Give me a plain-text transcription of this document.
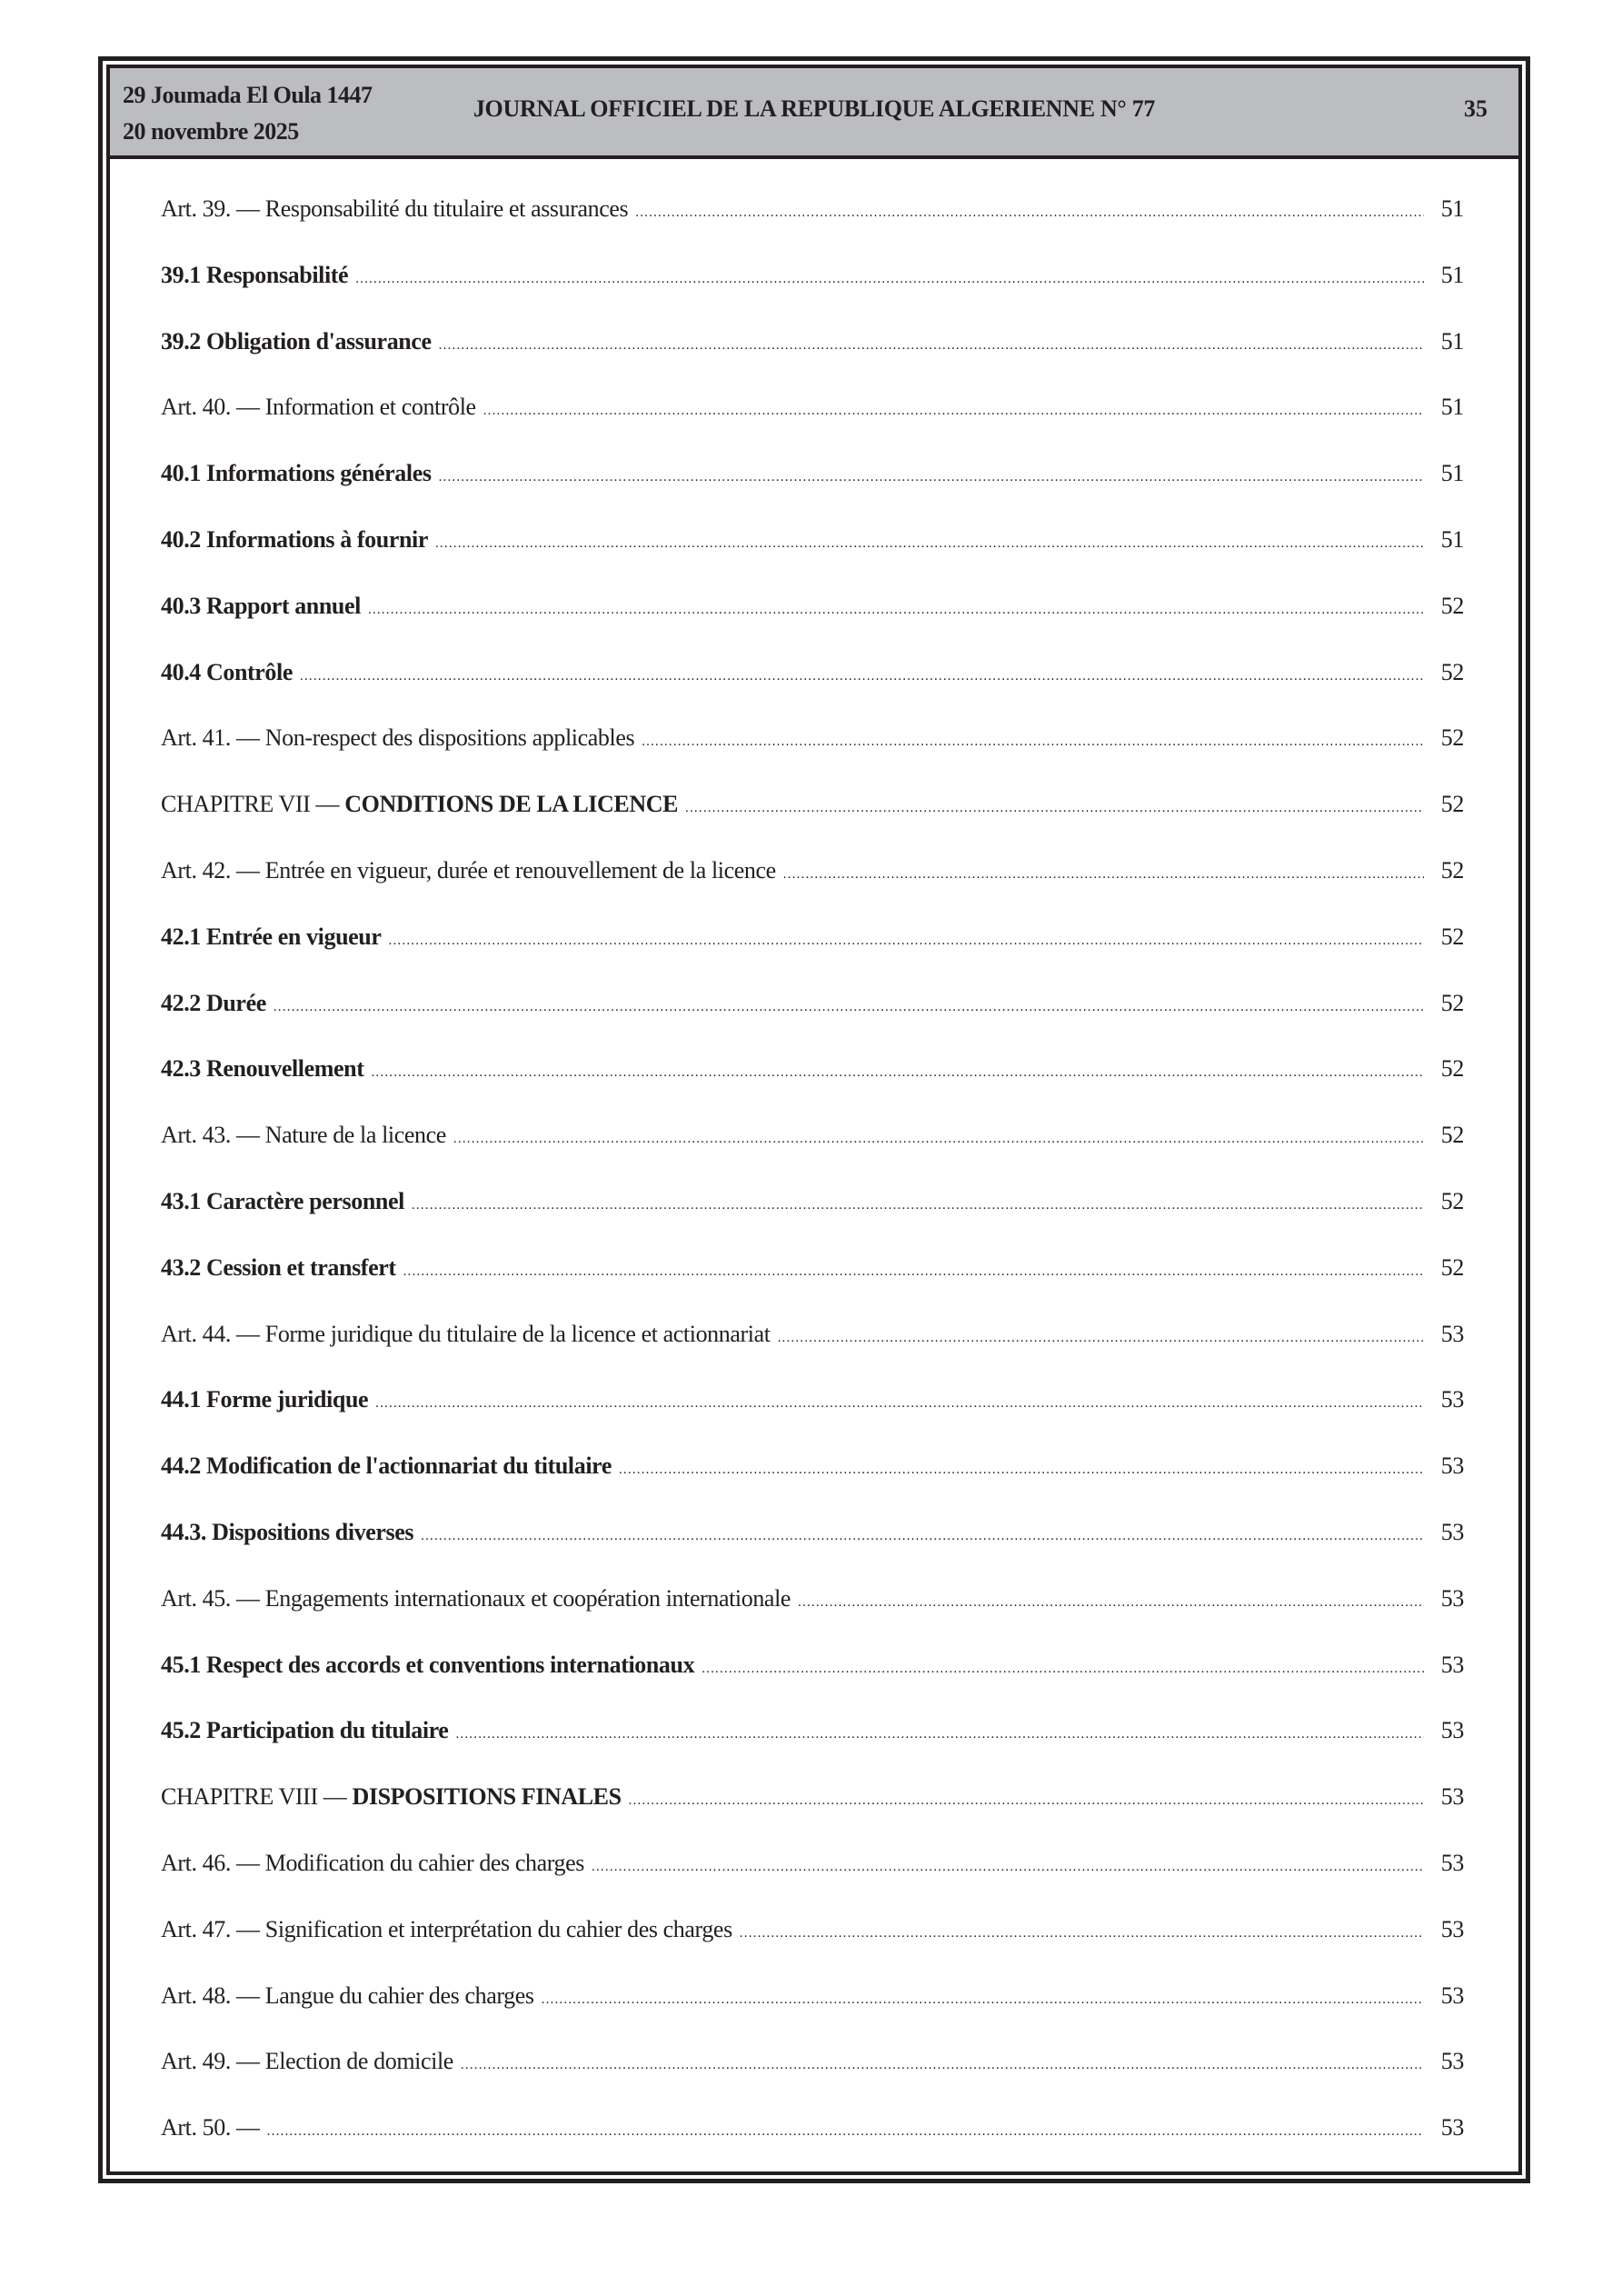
29 Joumada El Oula 1447
20 novembre 2025
JOURNAL OFFICIEL DE LA REPUBLIQUE ALGERIENNE N° 77	35
Art. 39. — Responsabilité du titulaire et assurances .....	51
39.1 Responsabilité .....	51
39.2 Obligation d'assurance .....	51
Art. 40. — Information et contrôle .....	51
40.1 Informations générales .....	51
40.2 Informations à fournir .....	51
40.3 Rapport annuel .....	52
40.4 Contrôle .....	52
Art. 41. — Non-respect des dispositions applicables .....	52
CHAPITRE VII — CONDITIONS DE LA LICENCE .....	52
Art. 42. — Entrée en vigueur, durée et renouvellement de la licence .....	52
42.1 Entrée en vigueur .....	52
42.2 Durée .....	52
42.3 Renouvellement .....	52
Art. 43. — Nature de la licence .....	52
43.1 Caractère personnel .....	52
43.2 Cession et transfert .....	52
Art. 44. — Forme juridique du titulaire de la licence et actionnariat .....	53
44.1 Forme juridique .....	53
44.2 Modification de l'actionnariat du titulaire .....	53
44.3. Dispositions diverses .....	53
Art. 45. — Engagements internationaux et coopération internationale .....	53
45.1 Respect des accords et conventions internationaux .....	53
45.2 Participation du titulaire .....	53
CHAPITRE VIII — DISPOSITIONS FINALES .....	53
Art. 46. — Modification du cahier des charges .....	53
Art. 47. — Signification et interprétation du cahier des charges .....	53
Art. 48. — Langue du cahier des charges .....	53
Art. 49. — Election de domicile .....	53
Art. 50. — .....	53
